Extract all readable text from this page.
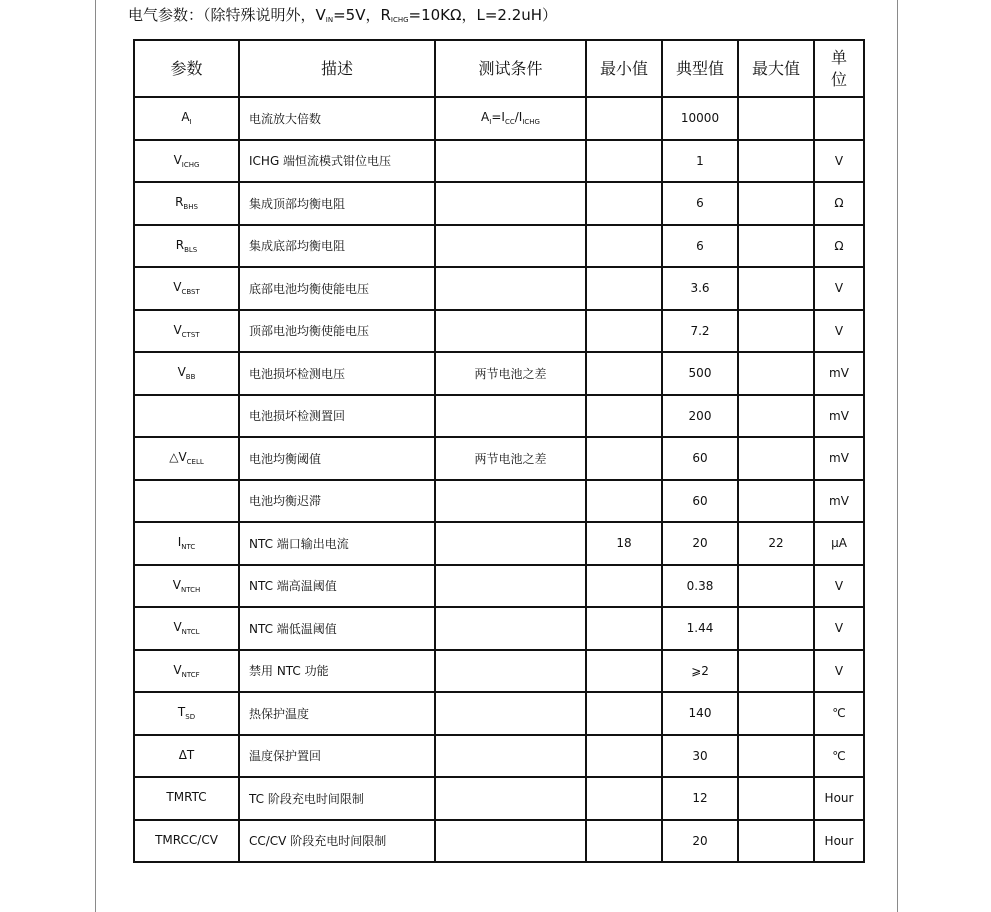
电气参数：（除特殊说明外，$V_{IN}=5V$，$R_{ICHG}=10K\Omega$，L=2.2uH）
参数	描述	测试条件	最小值	典型值	最大值	单
位

$A_I$	电流放大倍数	$A_I=I_{CC}/I_{ICHG}$		10000		
$V_{ICHG}$	ICHG 端恒流模式钳位电压			1		V
$R_{BHS}$	集成顶部均衡电阻			6		Ω
$R_{BLS}$	集成底部均衡电阻			6		Ω
$V_{CBST}$	底部电池均衡使能电压			3.6		V
$V_{CTST}$	顶部电池均衡使能电压			7.2		V
$V_{BB}$	电池损坏检测电压	两节电池之差		500		mV
	电池损坏检测置回			200		mV
$\triangle V_{CELL}$	电池均衡阈值	两节电池之差		60		mV
	电池均衡迟滞			60		mV
$I_{NTC}$	NTC 端口输出电流		18	20	22	μA
$V_{NTCH}$	NTC 端高温阈值			0.38		V
$V_{NTCL}$	NTC 端低温阈值			1.44		V
$V_{NTCF}$	禁用 NTC 功能			⩾2		V
$T_{SD}$	热保护温度			140		℃
ΔT	温度保护置回			30		℃
TMRTC	TC 阶段充电时间限制			12		Hour
TMRCC/CV	CC/CV 阶段充电时间限制			20		Hour
